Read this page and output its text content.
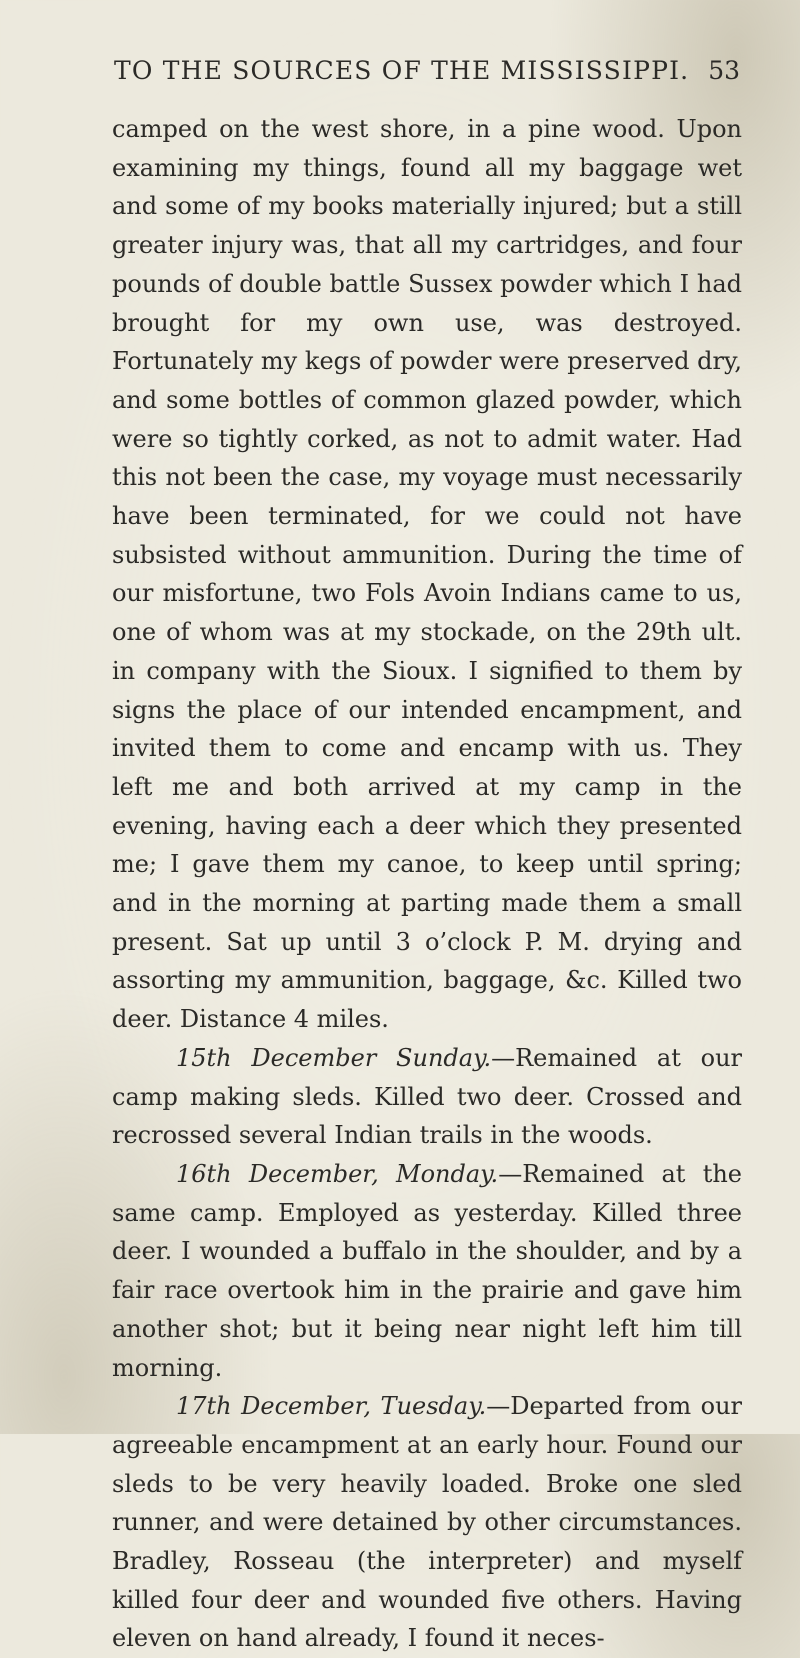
TO THE SOURCES OF THE MISSISSIPPI. 53

camped on the west shore, in a pine wood. Upon examining my things, found all my baggage wet and some of my books materially injured; but a still greater injury was, that all my cartridges, and four pounds of double battle Sussex powder which I had brought for my own use, was destroyed. Fortunately my kegs of powder were preserved dry, and some bottles of common glazed powder, which were so tightly corked, as not to admit water. Had this not been the case, my voyage must necessarily have been terminated, for we could not have subsisted without ammunition. During the time of our misfortune, two Fols Avoin Indians came to us, one of whom was at my stockade, on the 29th ult. in company with the Sioux. I signified to them by signs the place of our intended encampment, and invited them to come and encamp with us. They left me and both arrived at my camp in the evening, having each a deer which they presented me; I gave them my canoe, to keep until spring; and in the morning at parting made them a small present. Sat up until 3 o’clock P. M. drying and assorting my ammunition, baggage, &c. Killed two deer. Distance 4 miles.

15th December Sunday.—Remained at our camp making sleds. Killed two deer. Crossed and recrossed several Indian trails in the woods.

16th December, Monday.—Remained at the same camp. Employed as yesterday. Killed three deer. I wounded a buffalo in the shoulder, and by a fair race overtook him in the prairie and gave him another shot; but it being near night left him till morning.

17th December, Tuesday.—Departed from our agreeable encampment at an early hour. Found our sleds to be very heavily loaded. Broke one sled runner, and were detained by other circumstances. Bradley, Rosseau (the interpreter) and myself killed four deer and wounded five others. Having eleven on hand already, I found it neces-
